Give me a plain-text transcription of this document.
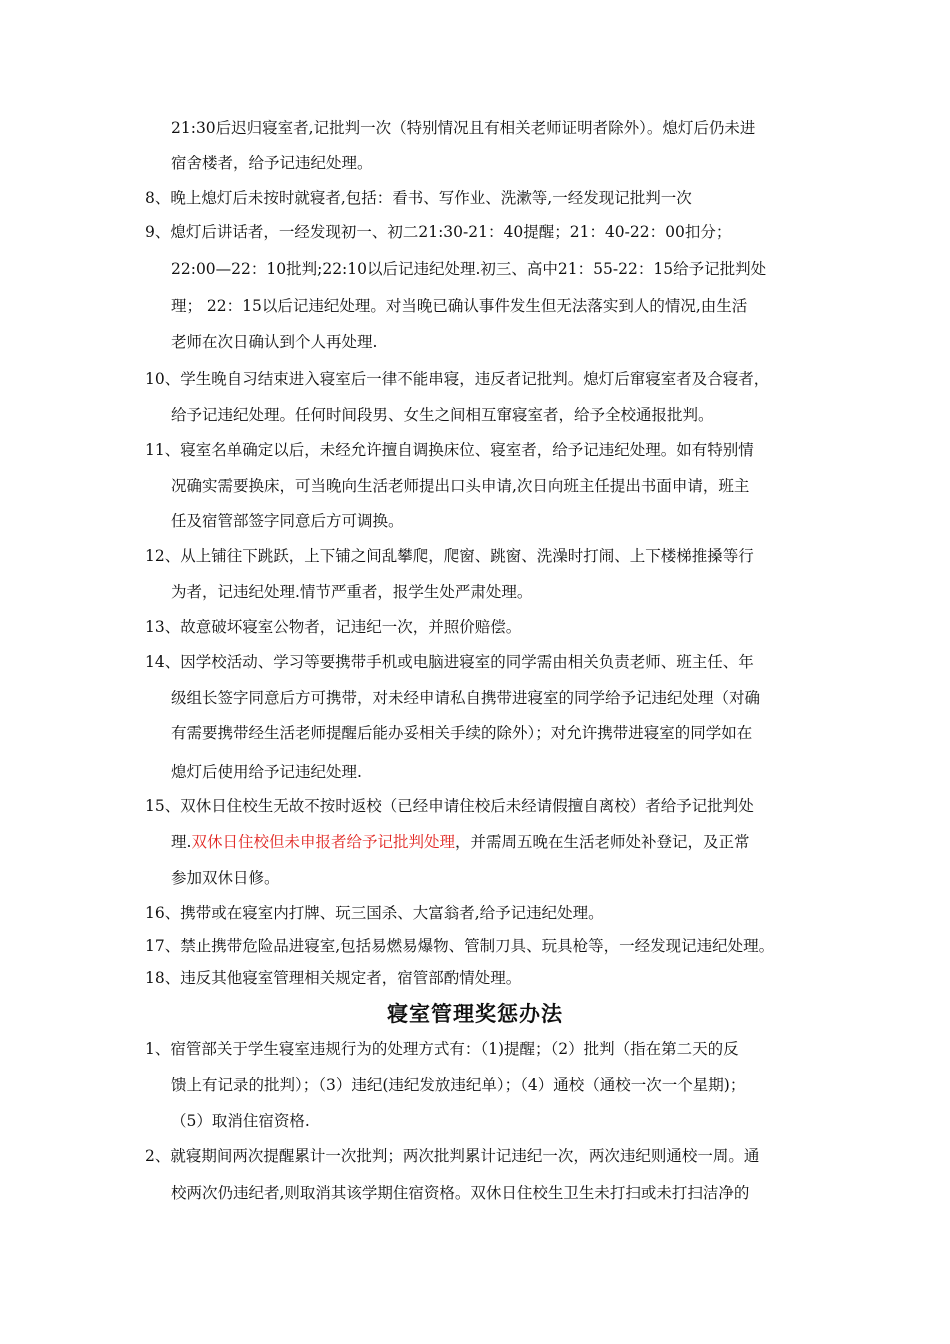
21:30后迟归寝室者,记批判一次（特别情况且有相关老师证明者除外）。熄灯后仍未进
宿舍楼者，给予记违纪处理。
8、晚上熄灯后未按时就寝者,包括：看书、写作业、洗漱等,一经发现记批判一次
9、熄灯后讲话者，一经发现初一、初二21:30-21：40提醒；21：40-22：00扣分；
22:00—22：10批判;22:10以后记违纪处理.初三、高中21：55-22：15给予记批判处
理； 22：15以后记违纪处理。对当晚已确认事件发生但无法落实到人的情况,由生活
老师在次日确认到个人再处理.
10、学生晚自习结束进入寝室后一律不能串寝，违反者记批判。熄灯后窜寝室者及合寝者，
给予记违纪处理。任何时间段男、女生之间相互窜寝室者，给予全校通报批判。
11、寝室名单确定以后，未经允许擅自调换床位、寝室者，给予记违纪处理。如有特别情
况确实需要换床，可当晚向生活老师提出口头申请,次日向班主任提出书面申请，班主
任及宿管部签字同意后方可调换。
12、从上铺往下跳跃，上下铺之间乱攀爬，爬窗、跳窗、洗澡时打闹、上下楼梯推搡等行
为者，记违纪处理.情节严重者，报学生处严肃处理。
13、故意破坏寝室公物者，记违纪一次，并照价赔偿。
14、因学校活动、学习等要携带手机或电脑进寝室的同学需由相关负责老师、班主任、年
级组长签字同意后方可携带，对未经申请私自携带进寝室的同学给予记违纪处理（对确
有需要携带经生活老师提醒后能办妥相关手续的除外）；对允许携带进寝室的同学如在
熄灯后使用给予记违纪处理.
15、双休日住校生无故不按时返校（已经申请住校后未经请假擅自离校）者给予记批判处
理.双休日住校但未申报者给予记批判处理，并需周五晚在生活老师处补登记，及正常
参加双休日修。
16、携带或在寝室内打牌、玩三国杀、大富翁者,给予记违纪处理。
17、禁止携带危险品进寝室,包括易燃易爆物、管制刀具、玩具枪等，一经发现记违纪处理。
18、违反其他寝室管理相关规定者，宿管部酌情处理。
寝室管理奖惩办法
1、宿管部关于学生寝室违规行为的处理方式有：（1)提醒；（2）批判（指在第二天的反
馈上有记录的批判）；（3）违纪(违纪发放违纪单）；（4）通校（通校一次一个星期)；
（5）取消住宿资格.
2、就寝期间两次提醒累计一次批判；两次批判累计记违纪一次，两次违纪则通校一周。通
校两次仍违纪者,则取消其该学期住宿资格。双休日住校生卫生未打扫或未打扫洁净的
